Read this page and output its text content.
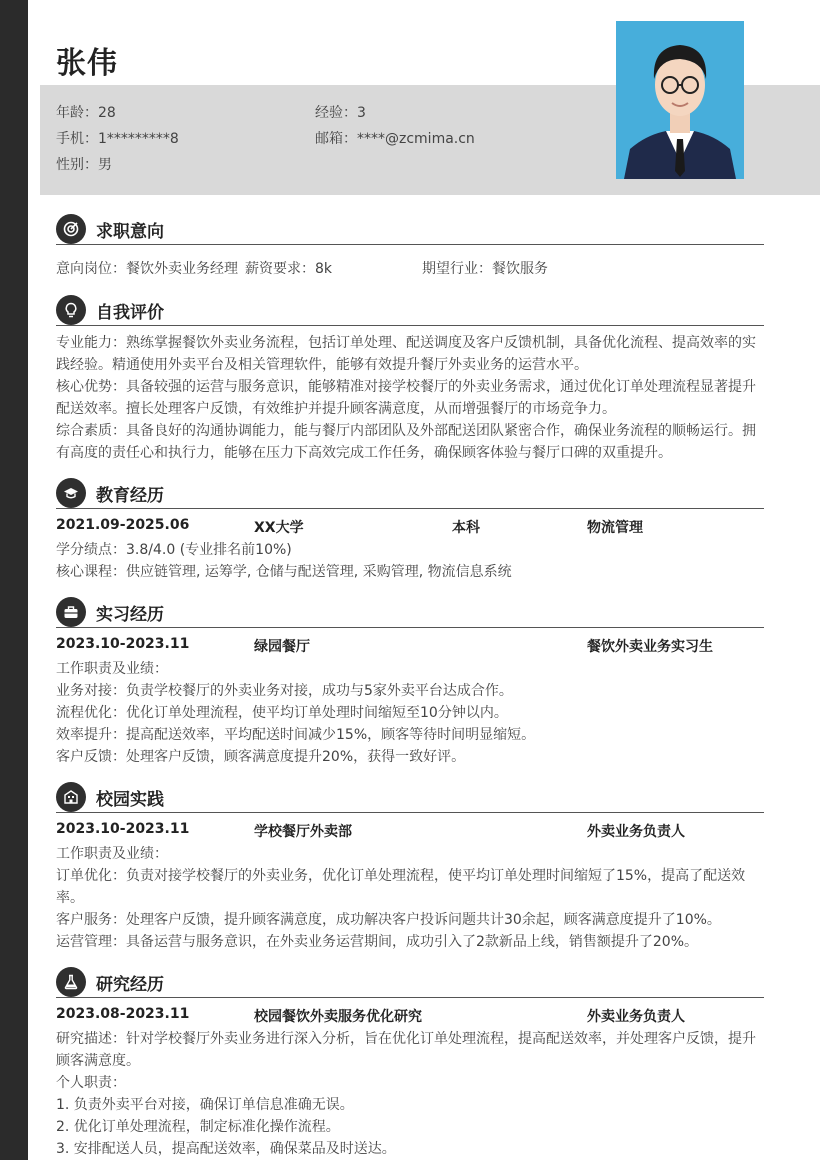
张伟
年龄：28	经验：3
手机：1*********8	邮箱：****@zcmima.cn
性别：男
求职意向
意向岗位：餐饮外卖业务经理 薪资要求：8k	期望行业：餐饮服务
自我评价
专业能力：熟练掌握餐饮外卖业务流程，包括订单处理、配送调度及客户反馈机制，具备优化流程、提高效率的实践经验。精通使用外卖平台及相关管理软件，能够有效提升餐厅外卖业务的运营水平。
核心优势：具备较强的运营与服务意识，能够精准对接学校餐厅的外卖业务需求，通过优化订单处理流程显著提升配送效率。擅长处理客户反馈，有效维护并提升顾客满意度，从而增强餐厅的市场竞争力。
综合素质：具备良好的沟通协调能力，能与餐厅内部团队及外部配送团队紧密合作，确保业务流程的顺畅运行。拥有高度的责任心和执行力，能够在压力下高效完成工作任务，确保顾客体验与餐厅口碑的双重提升。
教育经历
2021.09-2025.06	XX大学	本科	物流管理
学分绩点：3.8/4.0 (专业排名前10%)
核心课程：供应链管理, 运筹学, 仓储与配送管理, 采购管理, 物流信息系统
实习经历
2023.10-2023.11	绿园餐厅	餐饮外卖业务实习生
工作职责及业绩：
业务对接：负责学校餐厅的外卖业务对接，成功与5家外卖平台达成合作。
流程优化：优化订单处理流程，使平均订单处理时间缩短至10分钟以内。
效率提升：提高配送效率，平均配送时间减少15%，顾客等待时间明显缩短。
客户反馈：处理客户反馈，顾客满意度提升20%，获得一致好评。
校园实践
2023.10-2023.11	学校餐厅外卖部	外卖业务负责人
工作职责及业绩：
订单优化：负责对接学校餐厅的外卖业务，优化订单处理流程，使平均订单处理时间缩短了15%，提高了配送效率。
客户服务：处理客户反馈，提升顾客满意度，成功解决客户投诉问题共计30余起，顾客满意度提升了10%。
运营管理：具备运营与服务意识，在外卖业务运营期间，成功引入了2款新品上线，销售额提升了20%。
研究经历
2023.08-2023.11	校园餐饮外卖服务优化研究	外卖业务负责人
研究描述：针对学校餐厅外卖业务进行深入分析，旨在优化订单处理流程，提高配送效率，并处理客户反馈，提升顾客满意度。
个人职责：
1. 负责外卖平台对接，确保订单信息准确无误。
2. 优化订单处理流程，制定标准化操作流程。
3. 安排配送人员，提高配送效率，确保菜品及时送达。
